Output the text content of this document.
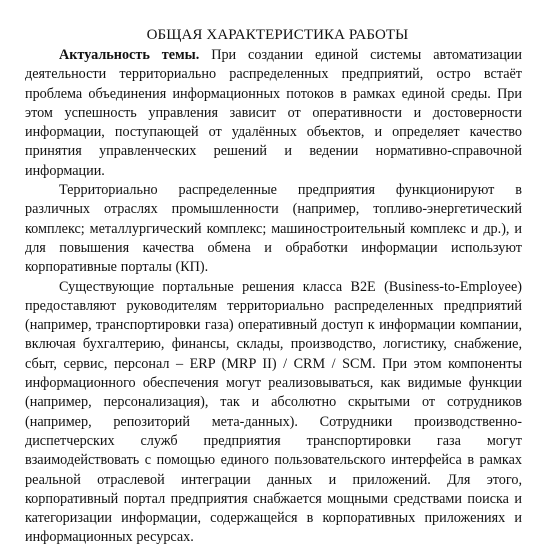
ОБЩАЯ ХАРАКТЕРИСТИКА РАБОТЫ

Актуальность темы. При создании единой системы автоматизации деятельности территориально распределенных предприятий, остро встаёт проблема объединения информационных потоков в рамках единой среды. При этом успешность управления зависит от оперативности и достоверности информации, поступающей от удалённых объектов, и определяет качество принятия управленческих решений и ведении нормативно-справочной информации.

Территориально распределенные предприятия функционируют в различных отраслях промышленности (например, топливо-энергетический комплекс; металлургический комплекс; машиностроительный комплекс и др.), и для повышения качества обмена и обработки информации используют корпоративные порталы (КП).

Существующие портальные решения класса B2E (Business-to-Employee) предоставляют руководителям территориально распределенных предприятий (например, транспортировки газа) оперативный доступ к информации компании, включая бухгалтерию, финансы, склады, производство, логистику, снабжение, сбыт, сервис, персонал – ERP (MRP II) / CRM / SCM. При этом компоненты информационного обеспечения могут реализовываться, как видимые функции (например, персонализация), так и абсолютно скрытыми от сотрудников (например, репозиторий мета-данных). Сотрудники производственно-диспетчерских служб предприятия транспортировки газа могут взаимодействовать с помощью единого пользовательского интерфейса в рамках реальной отраслевой интеграции данных и приложений. Для этого, корпоративный портал предприятия снабжается мощными средствами поиска и категоризации информации, содержащейся в корпоративных приложениях и информационных ресурсах.
